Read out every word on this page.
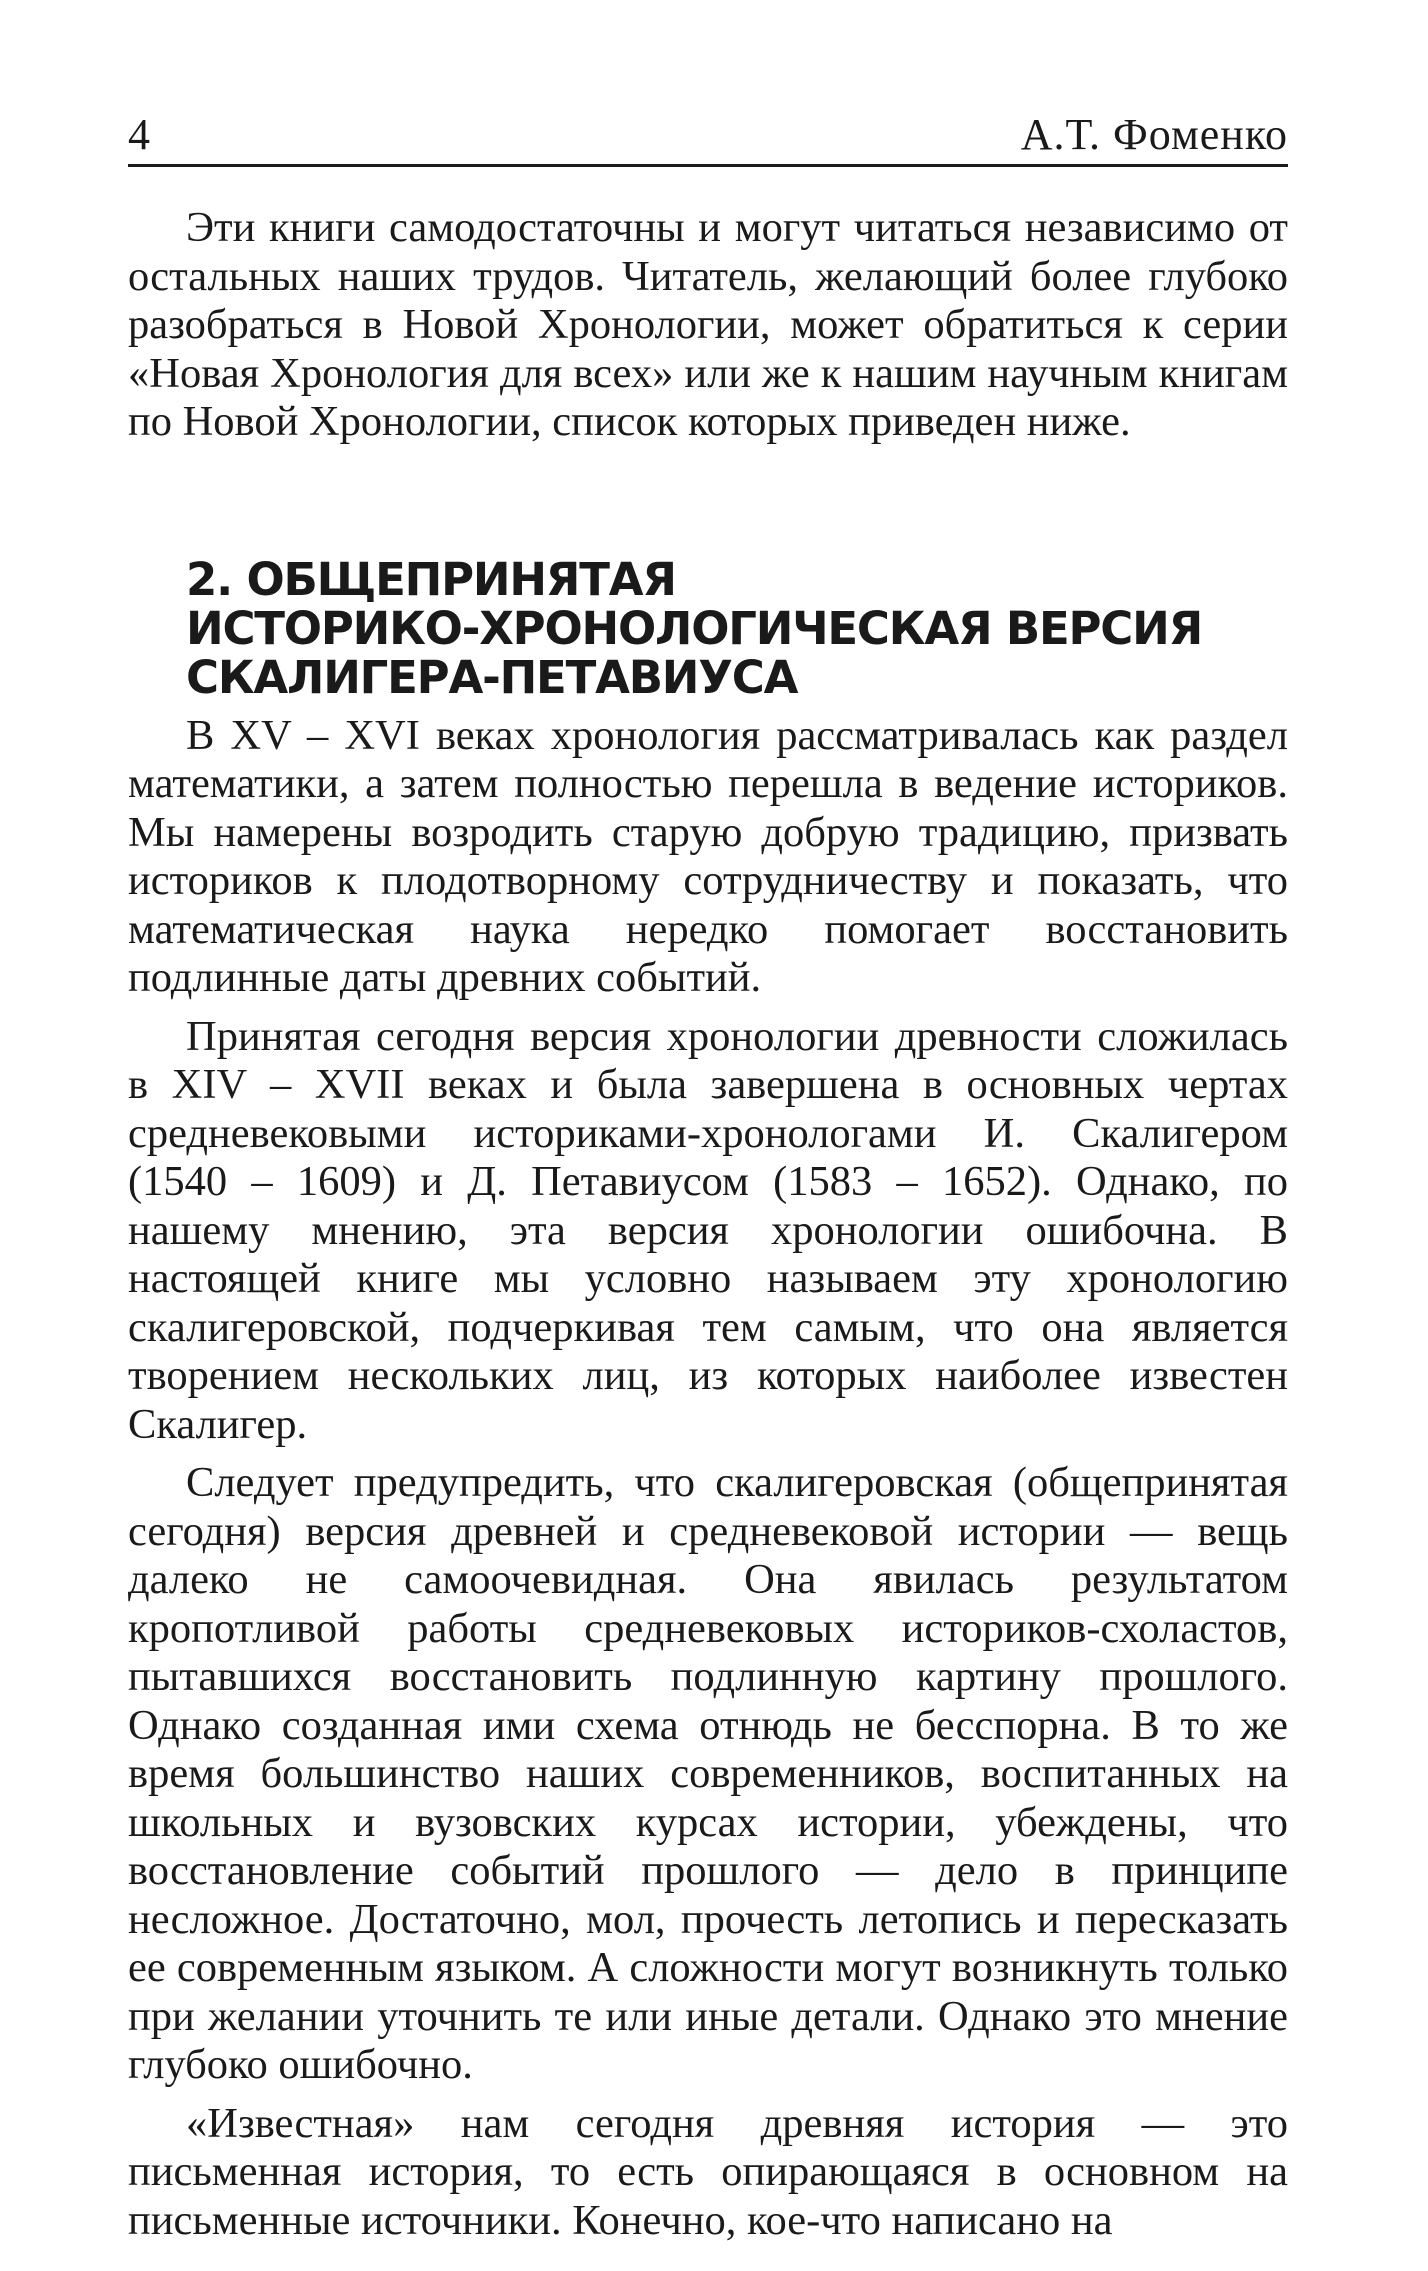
4	А.Т. Фоменко

Эти книги самодостаточны и могут читаться независимо от остальных наших трудов. Читатель, желающий более глубоко разобраться в Новой Хронологии, может обратиться к серии «Новая Хронология для всех» или же к нашим научным книгам по Новой Хронологии, список которых приведен ниже.

2. ОБЩЕПРИНЯТАЯ
ИСТОРИКО-ХРОНОЛОГИЧЕСКАЯ ВЕРСИЯ
СКАЛИГЕРА-ПЕТАВИУСА

В XV – XVI веках хронология рассматривалась как раздел математики, а затем полностью перешла в ведение историков. Мы намерены возродить старую добрую традицию, призвать историков к плодотворному сотрудничеству и показать, что математическая наука нередко помогает восстановить подлинные даты древних событий.

Принятая сегодня версия хронологии древности сложилась в XIV – XVII веках и была завершена в основных чертах средневековыми историками-хронологами И. Скалигером (1540 – 1609) и Д. Петавиусом (1583 – 1652). Однако, по нашему мнению, эта версия хронологии ошибочна. В настоящей книге мы условно называем эту хронологию скалигеровской, подчеркивая тем самым, что она является творением нескольких лиц, из которых наиболее известен Скалигер.

Следует предупредить, что скалигеровская (общепринятая сегодня) версия древней и средневековой истории — вещь далеко не самоочевидная. Она явилась результатом кропотливой работы средневековых историков-схоластов, пытавшихся восстановить подлинную картину прошлого. Однако созданная ими схема отнюдь не бесспорна. В то же время большинство наших современников, воспитанных на школьных и вузовских курсах истории, убеждены, что восстановление событий прошлого — дело в принципе несложное. Достаточно, мол, прочесть летопись и пересказать ее современным языком. А сложности могут возникнуть только при желании уточнить те или иные детали. Однако это мнение глубоко ошибочно.

«Известная» нам сегодня древняя история — это письменная история, то есть опирающаяся в основном на письменные источники. Конечно, кое-что написано на
